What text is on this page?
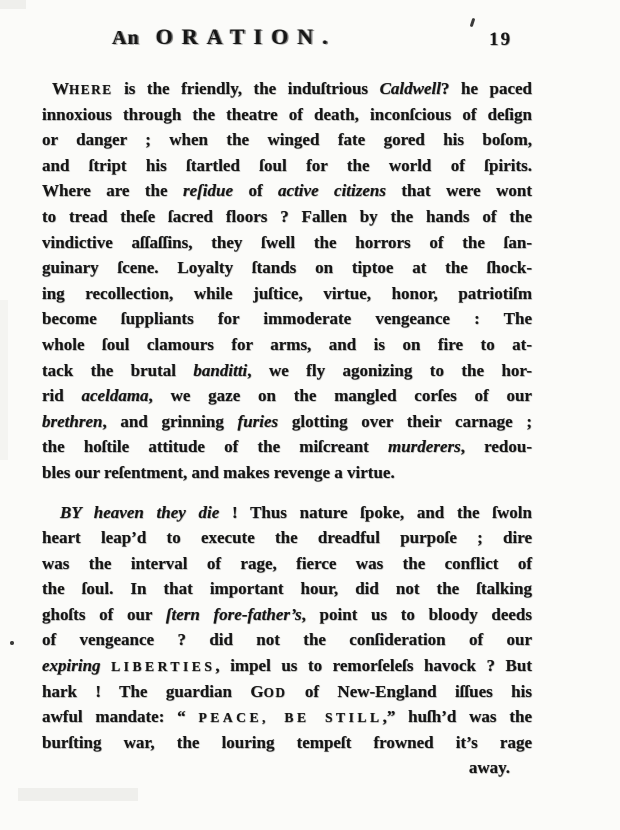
An ORATION.	19
WHERE is the friendly, the induſtrious Caldwell? he paced
innoxious through the theatre of death, inconſcious of deſign
or danger ; when the winged fate gored his boſom,
and ſtript his ſtartled ſoul for the world of ſpirits.
Where are the reſidue of active citizens that were wont
to tread theſe ſacred floors ? Fallen by the hands of the
vindictive aſſaſſins, they ſwell the horrors of the ſan-
guinary ſcene. Loyalty ſtands on tiptoe at the ſhock-
ing recollection, while juſtice, virtue, honor, patriotiſm
become ſuppliants for immoderate vengeance : The
whole ſoul clamours for arms, and is on fire to at-
tack the brutal banditti, we fly agonizing to the hor-
rid aceldama, we gaze on the mangled corſes of our
brethren, and grinning furies glotting over their carnage ;
the hoſtile attitude of the miſcreant murderers, redou-
bles our reſentment, and makes revenge a virtue.
BY heaven they die ! Thus nature ſpoke, and the ſwoln
heart leap’d to execute the dreadful purpoſe ; dire
was the interval of rage, fierce was the conflict of
the ſoul. In that important hour, did not the ſtalking
ghoſts of our ſtern fore-father’s, point us to bloody deeds
of vengeance ? did not the conſideration of our
expiring LIBERTIES, impel us to remorſeleſs havock ? But
hark ! The guardian GOD of New-England iſſues his
awful mandate: “ PEACE, BE STILL,” huſh’d was the
burſting war, the louring tempeſt frowned it’s rage
away.
